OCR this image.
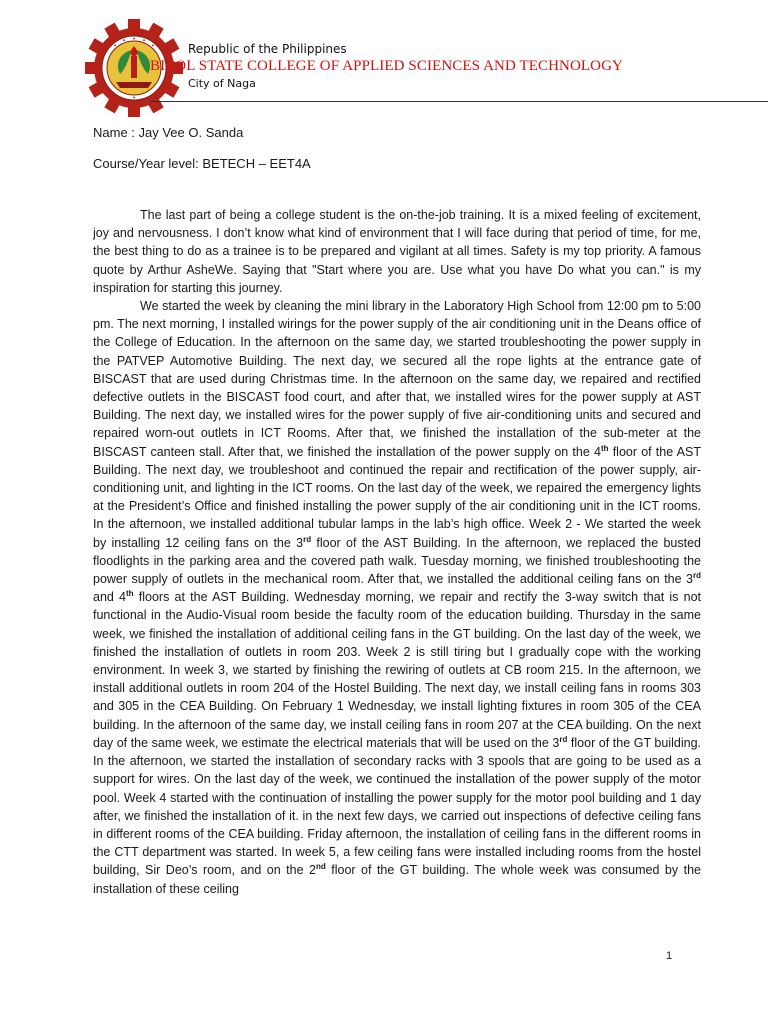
Republic of the Philippines
BICOL STATE COLLEGE OF APPLIED SCIENCES AND TECHNOLOGY
City of Naga
Name : Jay Vee O. Sanda
Course/Year level: BETECH – EET4A

The last part of being a college student is the on-the-job training. It is a mixed feeling of excitement, joy and nervousness. I don’t know what kind of environment that I will face during that period of time, for me, the best thing to do as a trainee is to be prepared and vigilant at all times. Safety is my top priority. A famous quote by Arthur AsheWe. Saying that "Start where you are. Use what you have Do what you can." is my inspiration for starting this journey.

We started the week by cleaning the mini library in the Laboratory High School from 12:00 pm to 5:00 pm. The next morning, I installed wirings for the power supply of the air conditioning unit in the Deans office of the College of Education. In the afternoon on the same day, we started troubleshooting the power supply in the PATVEP Automotive Building. The next day, we secured all the rope lights at the entrance gate of BISCAST that are used during Christmas time. In the afternoon on the same day, we repaired and rectified defective outlets in the BISCAST food court, and after that, we installed wires for the power supply at AST Building. The next day, we installed wires for the power supply of five air-conditioning units and secured and repaired worn-out outlets in ICT Rooms. After that, we finished the installation of the sub-meter at the BISCAST canteen stall. After that, we finished the installation of the power supply on the 4th floor of the AST Building. The next day, we troubleshoot and continued the repair and rectification of the power supply, air-conditioning unit, and lighting in the ICT rooms. On the last day of the week, we repaired the emergency lights at the President’s Office and finished installing the power supply of the air conditioning unit in the ICT rooms. In the afternoon, we installed additional tubular lamps in the lab’s high office. Week 2 - We started the week by installing 12 ceiling fans on the 3rd floor of the AST Building. In the afternoon, we replaced the busted floodlights in the parking area and the covered path walk. Tuesday morning, we finished troubleshooting the power supply of outlets in the mechanical room. After that, we installed the additional ceiling fans on the 3rd and 4th floors at the AST Building. Wednesday morning, we repair and rectify the 3-way switch that is not functional in the Audio-Visual room beside the faculty room of the education building. Thursday in the same week, we finished the installation of additional ceiling fans in the GT building. On the last day of the week, we finished the installation of outlets in room 203. Week 2 is still tiring but I gradually cope with the working environment. In week 3, we started by finishing the rewiring of outlets at CB room 215. In the afternoon, we install additional outlets in room 204 of the Hostel Building. The next day, we install ceiling fans in rooms 303 and 305 in the CEA Building. On February 1 Wednesday, we install lighting fixtures in room 305 of the CEA building. In the afternoon of the same day, we install ceiling fans in room 207 at the CEA building. On the next day of the same week, we estimate the electrical materials that will be used on the 3rd floor of the GT building. In the afternoon, we started the installation of secondary racks with 3 spools that are going to be used as a support for wires. On the last day of the week, we continued the installation of the power supply of the motor pool. Week 4 started with the continuation of installing the power supply for the motor pool building and 1 day after, we finished the installation of it. in the next few days, we carried out inspections of defective ceiling fans in different rooms of the CEA building. Friday afternoon, the installation of ceiling fans in the different rooms in the CTT department was started. In week 5, a few ceiling fans were installed including rooms from the hostel building, Sir Deo’s room, and on the 2nd floor of the GT building. The whole week was consumed by the installation of these ceiling

1
